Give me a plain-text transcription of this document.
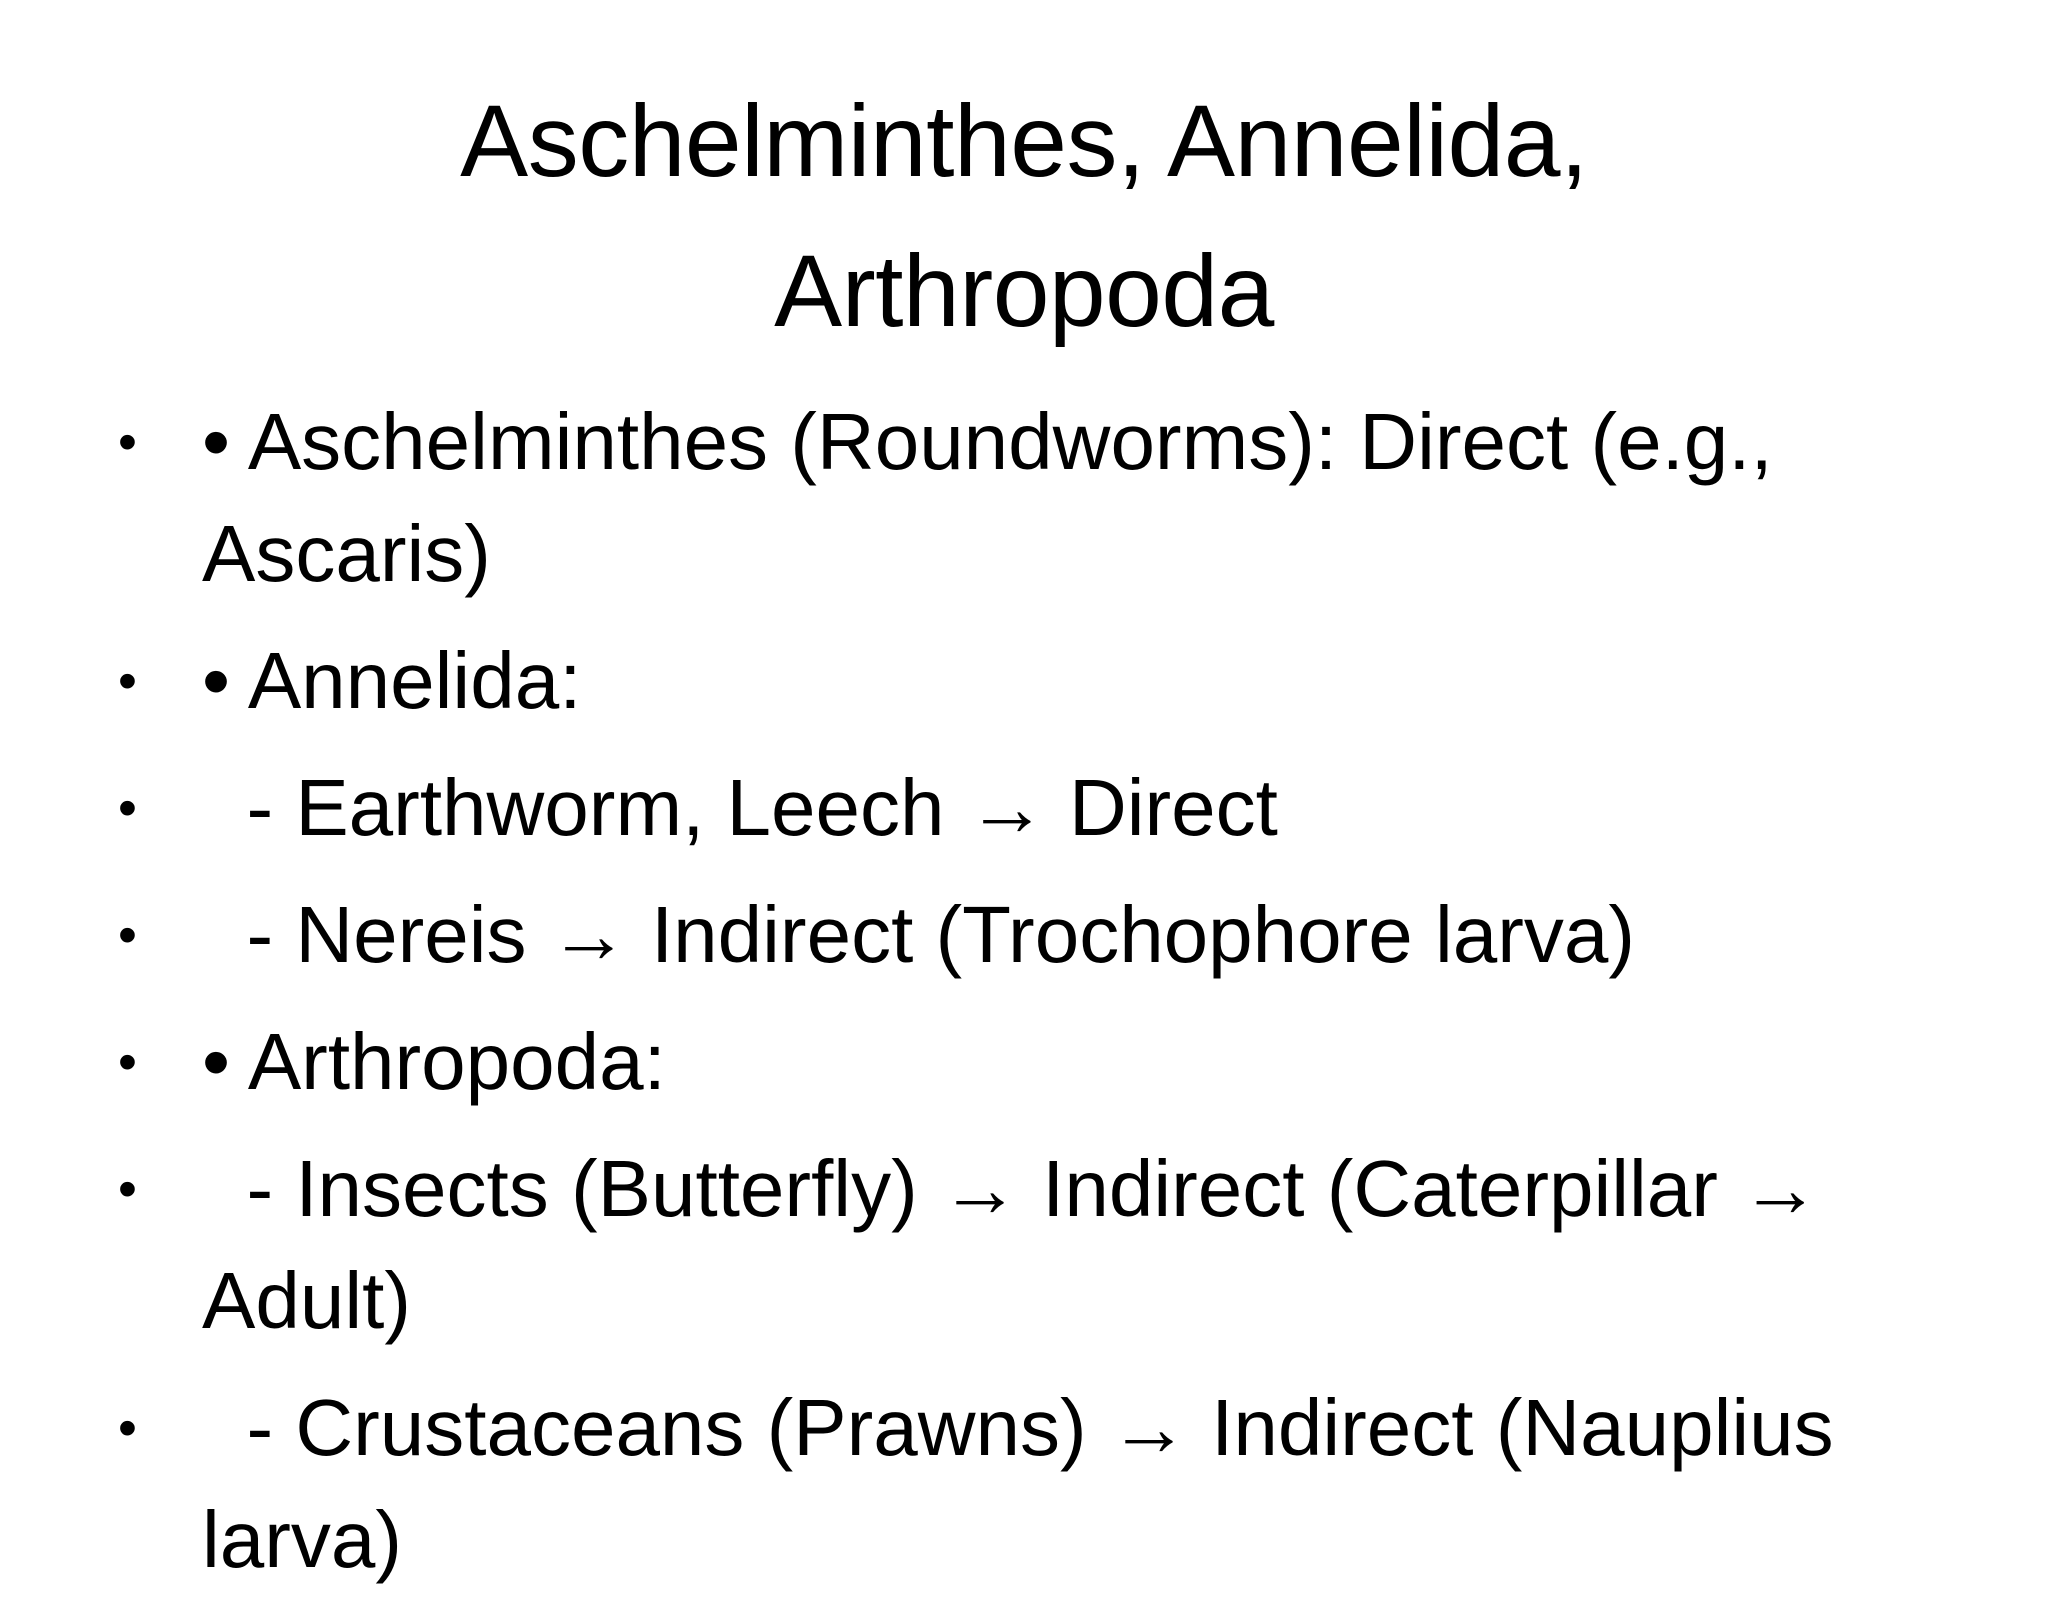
Aschelminthes, Annelida,
Arthropoda
• • Aschelminthes (Roundworms): Direct (e.g., Ascaris)
• • Annelida:
• - Earthworm, Leech → Direct
• - Nereis → Indirect (Trochophore larva)
• • Arthropoda:
• - Insects (Butterfly) → Indirect (Caterpillar → Adult)
• - Crustaceans (Prawns) → Indirect (Nauplius larva)
